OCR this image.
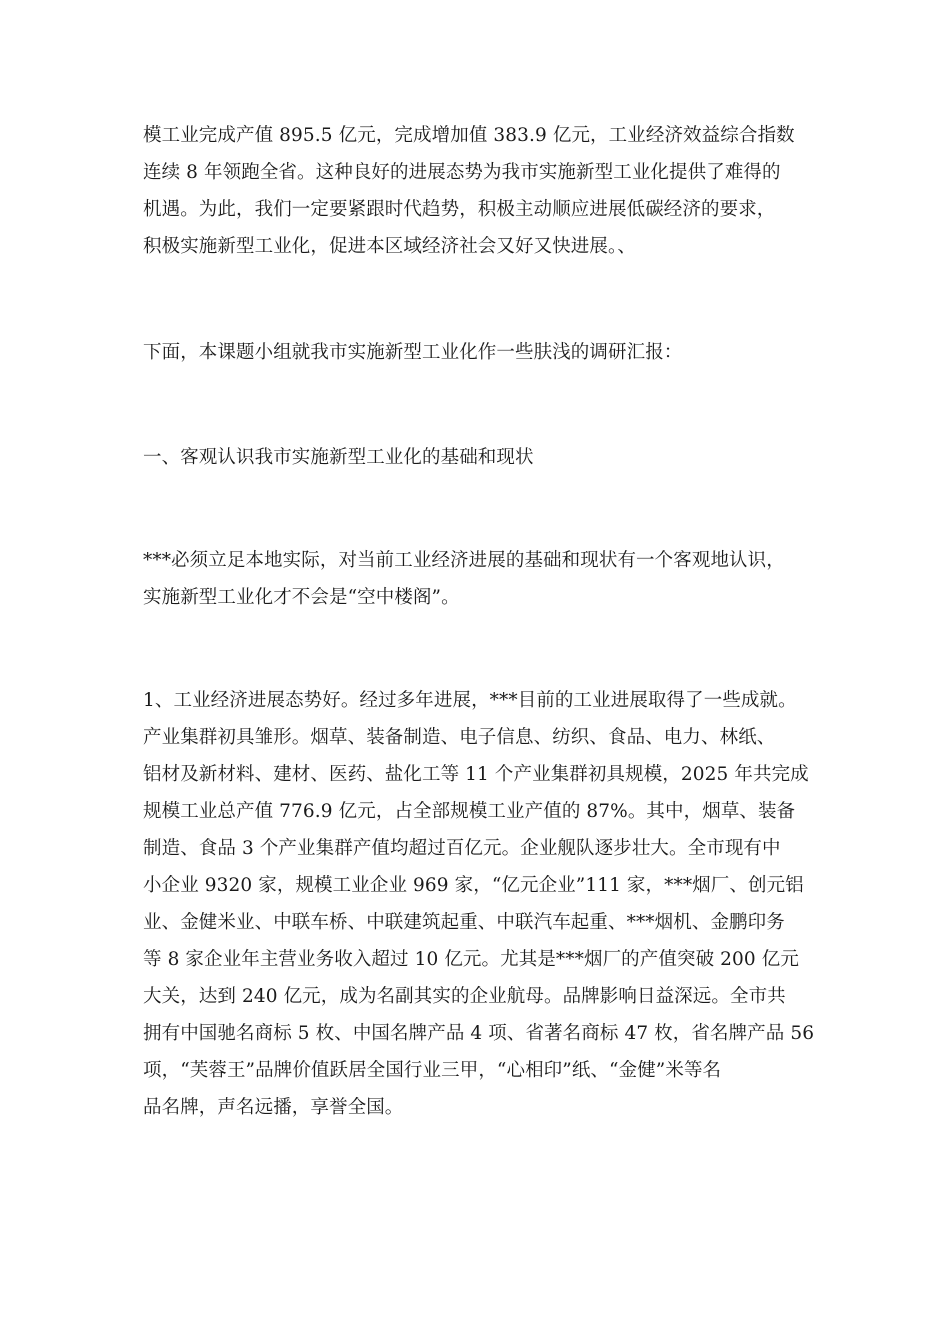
模工业完成产值 895.5 亿元，完成增加值 383.9 亿元，工业经济效益综合指数
连续 8 年领跑全省。这种良好的进展态势为我市实施新型工业化提供了难得的
机遇。为此，我们一定要紧跟时代趋势，积极主动顺应进展低碳经济的要求，
积极实施新型工业化，促进本区域经济社会又好又快进展。、
下面，本课题小组就我市实施新型工业化作一些肤浅的调研汇报：
一、客观认识我市实施新型工业化的基础和现状
***必须立足本地实际，对当前工业经济进展的基础和现状有一个客观地认识，
实施新型工业化才不会是“空中楼阁”。
1、工业经济进展态势好。经过多年进展，***目前的工业进展取得了一些成就。
产业集群初具雏形。烟草、装备制造、电子信息、纺织、食品、电力、林纸、
铝材及新材料、建材、医药、盐化工等 11 个产业集群初具规模，2025 年共完成
规模工业总产值 776.9 亿元，占全部规模工业产值的 87%。其中，烟草、装备
制造、食品 3 个产业集群产值均超过百亿元。企业舰队逐步壮大。全市现有中
小企业 9320 家，规模工业企业 969 家，“亿元企业”111 家，***烟厂、创元铝
业、金健米业、中联车桥、中联建筑起重、中联汽车起重、***烟机、金鹏印务
等 8 家企业年主营业务收入超过 10 亿元。尤其是***烟厂的产值突破 200 亿元
大关，达到 240 亿元，成为名副其实的企业航母。品牌影响日益深远。全市共
拥有中国驰名商标 5 枚、中国名牌产品 4 项、省著名商标 47 枚，省名牌产品 56
项，“芙蓉王”品牌价值跃居全国行业三甲，“心相印”纸、“金健”米等名
品名牌，声名远播，享誉全国。
